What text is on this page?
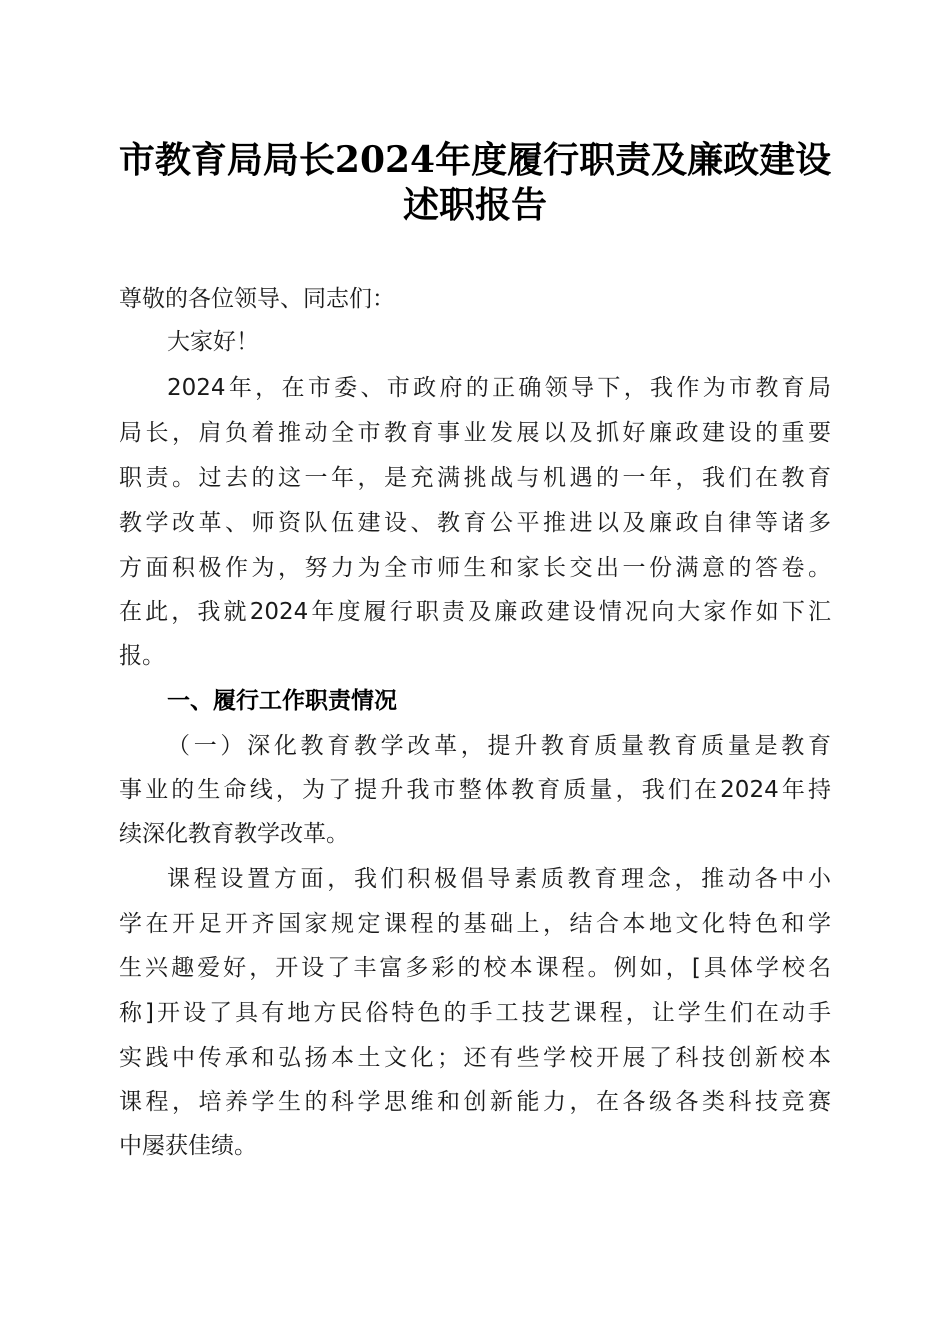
市教育局局长2024年度履行职责及廉政建设
述职报告
尊敬的各位领导、同志们：
大家好！
2024年，在市委、市政府的正确领导下，我作为市教育局
局长，肩负着推动全市教育事业发展以及抓好廉政建设的重要
职责。过去的这一年，是充满挑战与机遇的一年，我们在教育
教学改革、师资队伍建设、教育公平推进以及廉政自律等诸多
方面积极作为，努力为全市师生和家长交出一份满意的答卷。
在此，我就2024年度履行职责及廉政建设情况向大家作如下汇
报。
一、履行工作职责情况
（一）深化教育教学改革，提升教育质量教育质量是教育
事业的生命线，为了提升我市整体教育质量，我们在2024年持
续深化教育教学改革。
课程设置方面，我们积极倡导素质教育理念，推动各中小
学在开足开齐国家规定课程的基础上，结合本地文化特色和学
生兴趣爱好，开设了丰富多彩的校本课程。例如，[具体学校名
称]开设了具有地方民俗特色的手工技艺课程，让学生们在动手
实践中传承和弘扬本土文化；还有些学校开展了科技创新校本
课程，培养学生的科学思维和创新能力，在各级各类科技竞赛
中屡获佳绩。
